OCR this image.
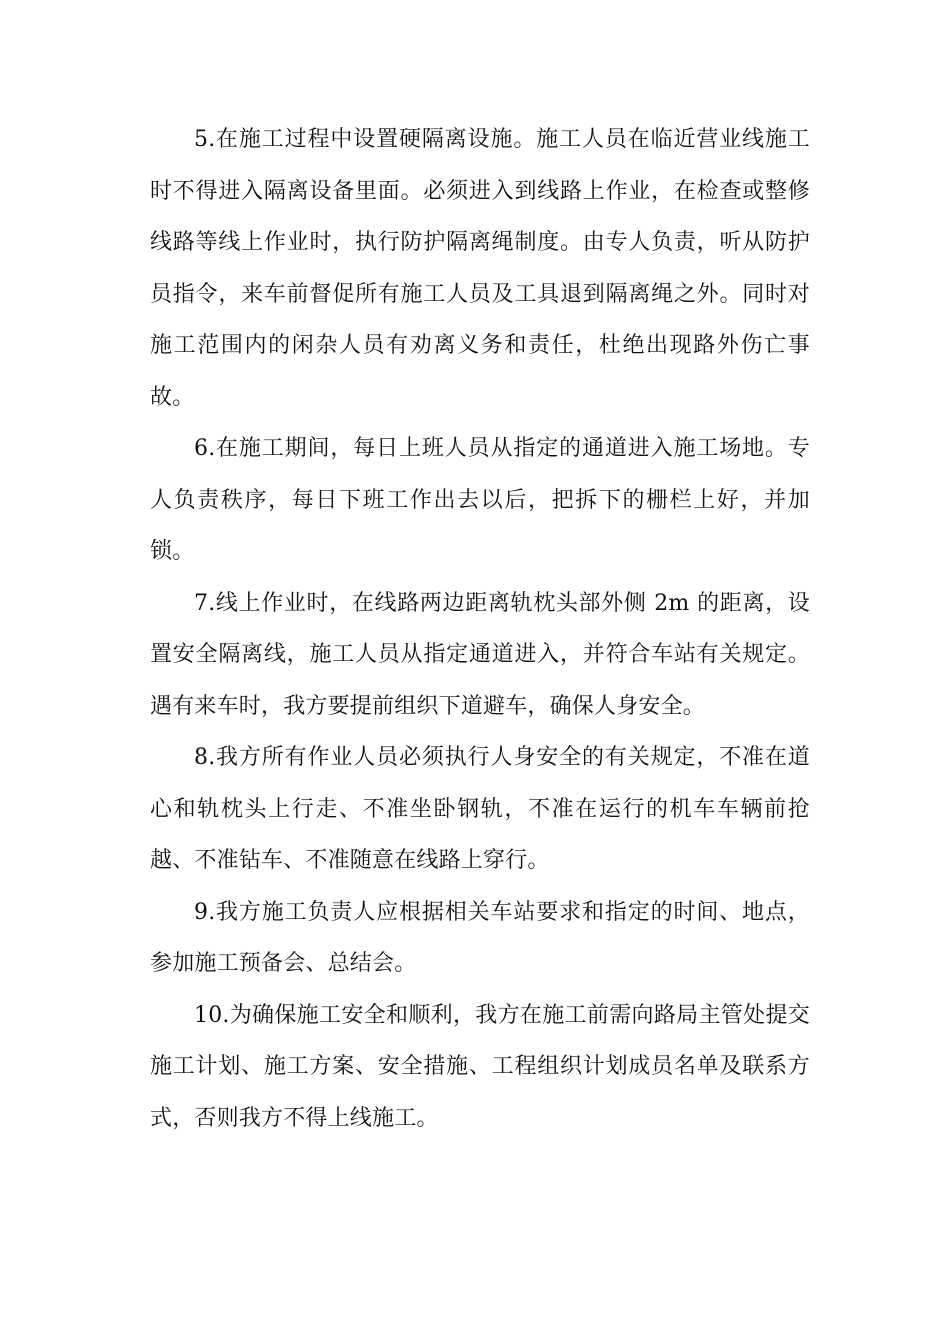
5.在施工过程中设置硬隔离设施。施工人员在临近营业线施工时不得进入隔离设备里面。必须进入到线路上作业，在检查或整修线路等线上作业时，执行防护隔离绳制度。由专人负责，听从防护员指令，来车前督促所有施工人员及工具退到隔离绳之外。同时对施工范围内的闲杂人员有劝离义务和责任，杜绝出现路外伤亡事故。

6.在施工期间，每日上班人员从指定的通道进入施工场地。专人负责秩序，每日下班工作出去以后，把拆下的栅栏上好，并加锁。

7.线上作业时，在线路两边距离轨枕头部外侧 2m 的距离，设置安全隔离线，施工人员从指定通道进入，并符合车站有关规定。遇有来车时，我方要提前组织下道避车，确保人身安全。

8.我方所有作业人员必须执行人身安全的有关规定，不准在道心和轨枕头上行走、不准坐卧钢轨，不准在运行的机车车辆前抢越、不准钻车、不准随意在线路上穿行。

9.我方施工负责人应根据相关车站要求和指定的时间、地点，参加施工预备会、总结会。

10.为确保施工安全和顺利，我方在施工前需向路局主管处提交施工计划、施工方案、安全措施、工程组织计划成员名单及联系方式，否则我方不得上线施工。
